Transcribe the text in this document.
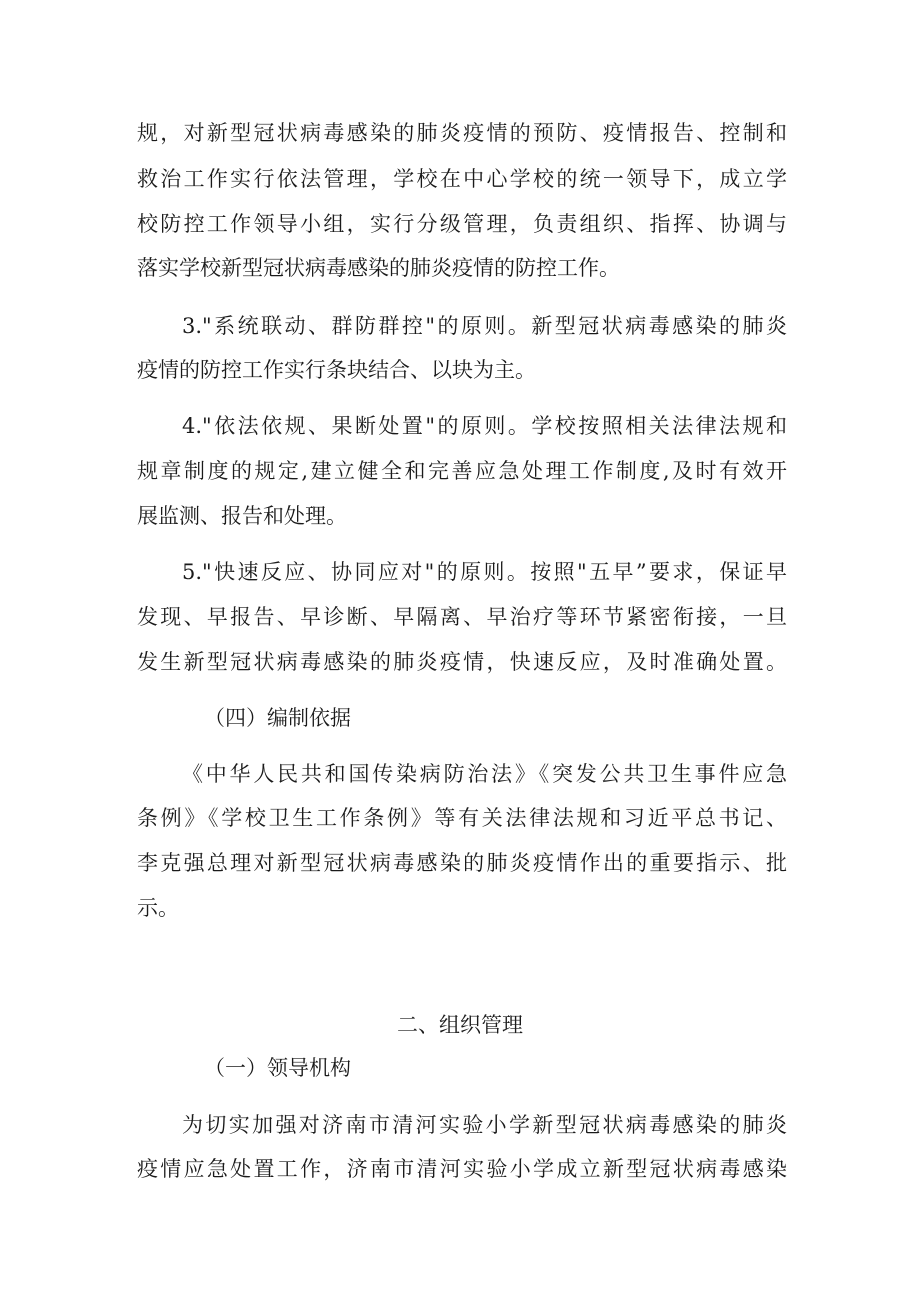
规，对新型冠状病毒感染的肺炎疫情的预防、疫情报告、控制和
救治工作实行依法管理，学校在中心学校的统一领导下，成立学
校防控工作领导小组，实行分级管理，负责组织、指挥、协调与
落实学校新型冠状病毒感染的肺炎疫情的防控工作。
3."系统联动、群防群控"的原则。新型冠状病毒感染的肺炎
疫情的防控工作实行条块结合、以块为主。
4."依法依规、果断处置"的原则。学校按照相关法律法规和
规章制度的规定,建立健全和完善应急处理工作制度,及时有效开
展监测、报告和处理。
5."快速反应、协同应对"的原则。按照"五早”要求，保证早
发现、早报告、早诊断、早隔离、早治疗等环节紧密衔接，一旦
发生新型冠状病毒感染的肺炎疫情，快速反应，及时准确处置。
（四）编制依据
《中华人民共和国传染病防治法》《突发公共卫生事件应急
条例》《学校卫生工作条例》等有关法律法规和习近平总书记、
李克强总理对新型冠状病毒感染的肺炎疫情作出的重要指示、批
示。
二、组织管理
（一）领导机构
为切实加强对济南市清河实验小学新型冠状病毒感染的肺炎
疫情应急处置工作，济南市清河实验小学成立新型冠状病毒感染
